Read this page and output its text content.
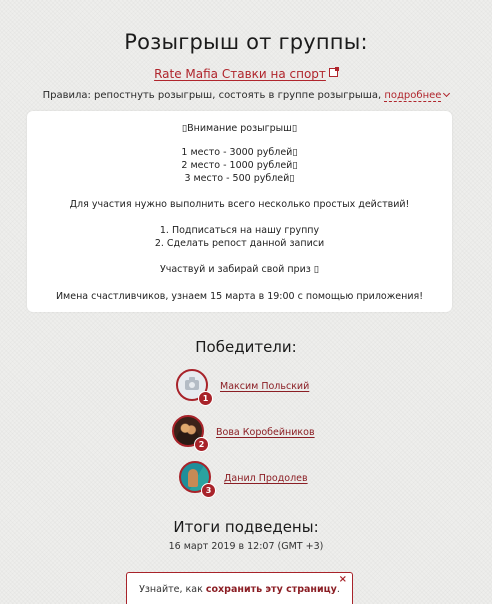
Розыгрыш от группы:
Rate Mafia Ставки на спорт
Правила: репостнуть розыгрыш, состоять в группе розыгрыша, подробнее
▯Внимание розыгрыш▯
1 место - 3000 рублей▯
2 место - 1000 рублей▯
3 место - 500 рублей▯
Для участия нужно выполнить всего несколько простых действий!
1. Подписаться на нашу группу
2. Сделать репост данной записи
Участвуй и забирай свой приз ▯
Имена счастливчиков, узнаем 15 марта в 19:00 с помощью приложения!
Победители:
1
Максим Польский
2
Вова Коробейников
3
Данил Продолев
Итоги подведены:
16 март 2019 в 12:07 (GMT +3)
Узнайте, как сохранить эту страницу.
×
